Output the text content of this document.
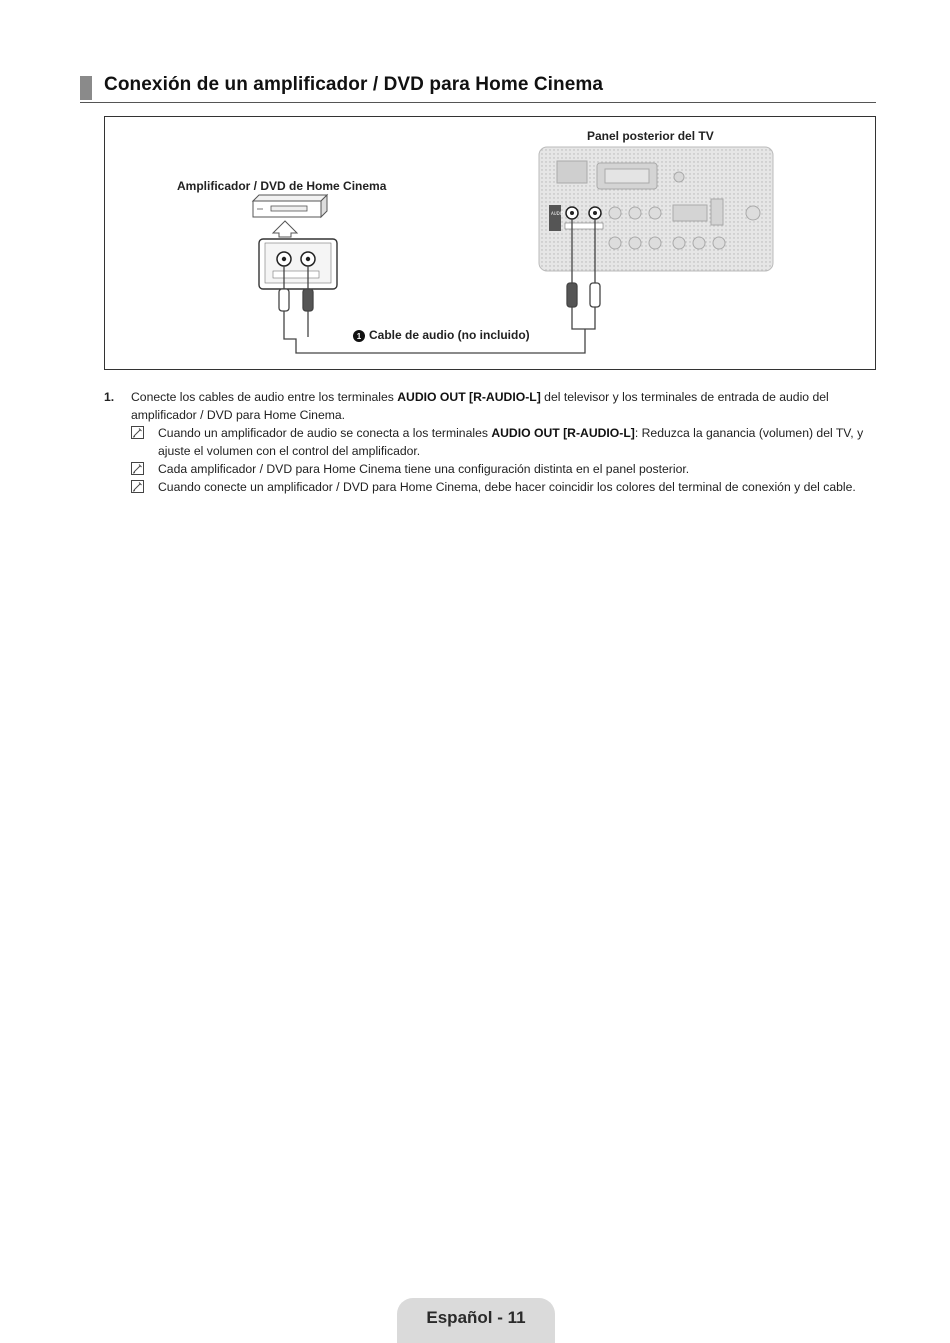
Conexión de un amplificador / DVD para Home Cinema
AUDIO
1
Panel posterior del TV
Amplificador / DVD de Home Cinema
Cable de audio (no incluido)
1. Conecte los cables de audio entre los terminales AUDIO OUT [R-AUDIO-L] del televisor y los terminales de entrada de audio del amplificador / DVD para Home Cinema.
Cuando un amplificador de audio se conecta a los terminales AUDIO OUT [R-AUDIO-L]: Reduzca la ganancia (volumen) del TV, y ajuste el volumen con el control del amplificador.
Cada amplificador / DVD para Home Cinema tiene una configuración distinta en el panel posterior.
Cuando conecte un amplificador / DVD para Home Cinema, debe hacer coincidir los colores del terminal de conexión y del cable.
Español - 11
